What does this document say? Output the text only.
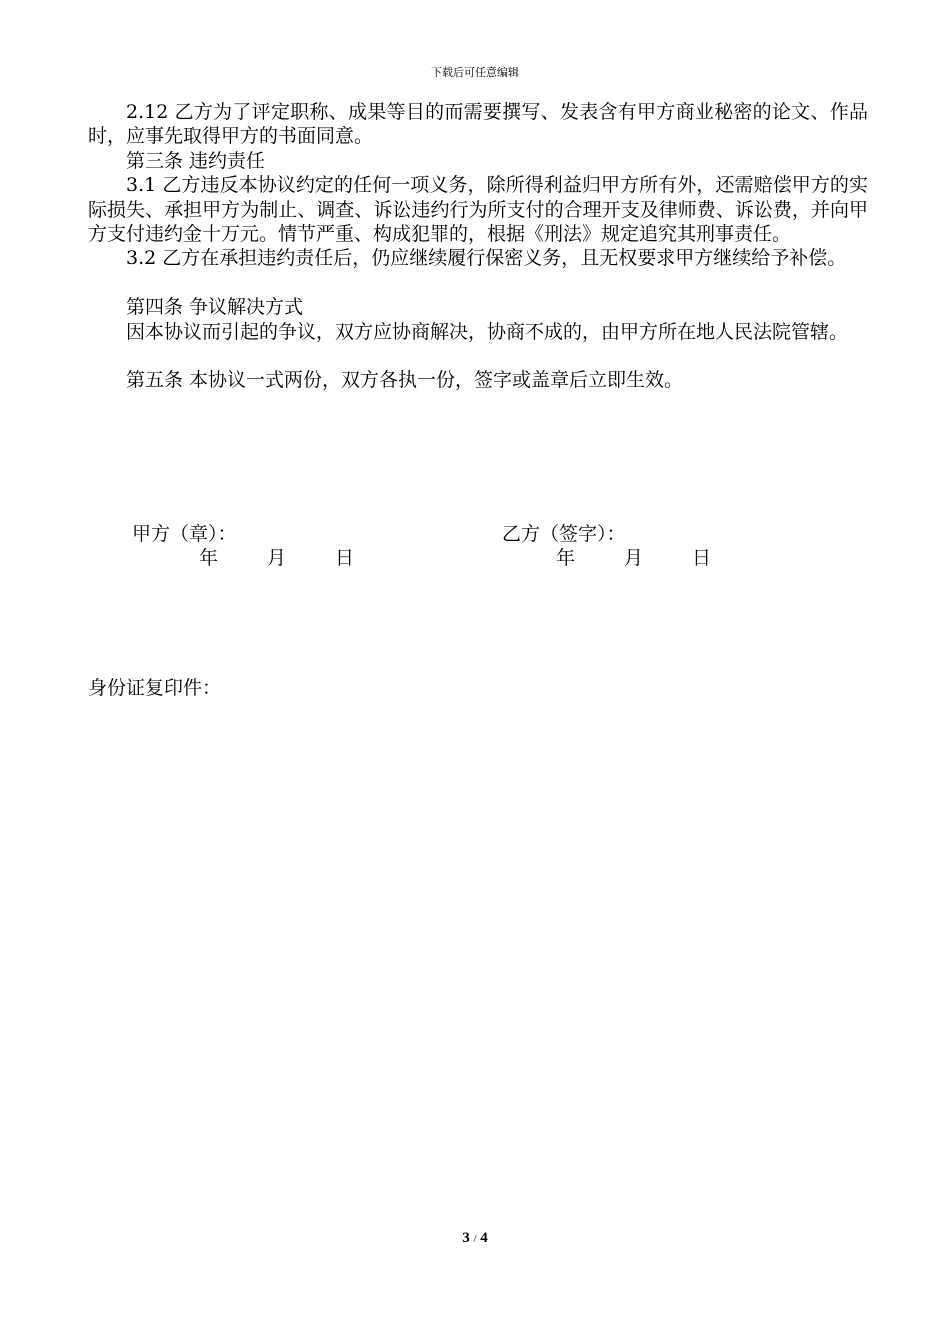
下载后可任意编辑

2.12 乙方为了评定职称、成果等目的而需要撰写、发表含有甲方商业秘密的论文、作品时，应事先取得甲方的书面同意。

第三条 违约责任

3.1 乙方违反本协议约定的任何一项义务，除所得利益归甲方所有外，还需赔偿甲方的实际损失、承担甲方为制止、调查、诉讼违约行为所支付的合理开支及律师费、诉讼费，并向甲方支付违约金十万元。情节严重、构成犯罪的，根据《刑法》规定追究其刑事责任。

3.2 乙方在承担违约责任后，仍应继续履行保密义务，且无权要求甲方继续给予补偿。

第四条 争议解决方式

因本协议而引起的争议，双方应协商解决，协商不成的，由甲方所在地人民法院管辖。

第五条 本协议一式两份，双方各执一份，签字或盖章后立即生效。

甲方（章）：	乙方（签字）：
年	月	日	年	月	日
身份证复印件：
3 / 4
